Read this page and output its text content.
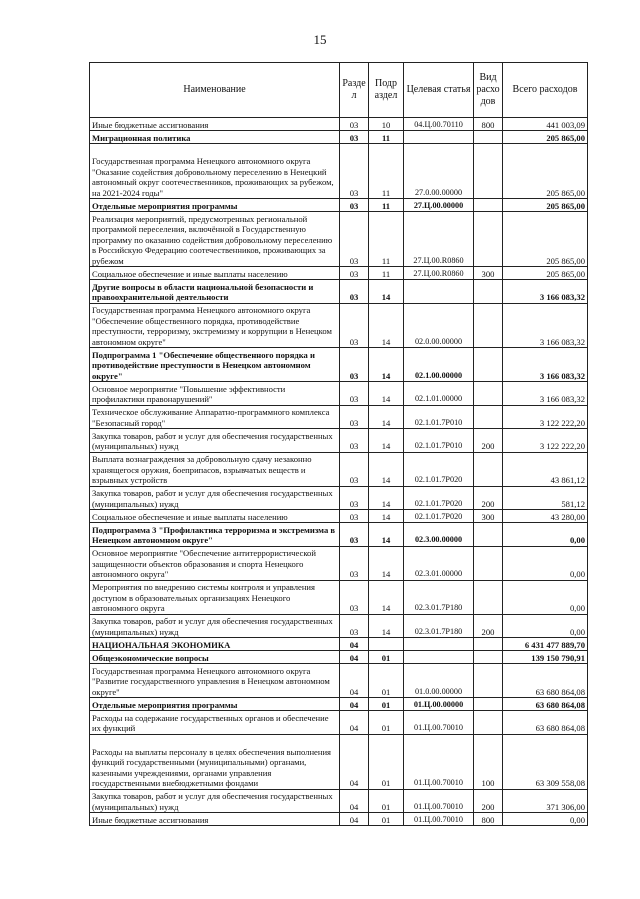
15
Наименование	Разде л	Подр аздел	Целевая статья	Вид расхо дов	Всего расходов
Иные бюджетные ассигнования	03	10	04.Ц.00.70110	800	441 003,09
Миграционная политика	03	11			205 865,00
Государственная программа Ненецкого автономного округа "Оказание содействия добровольному переселению в Ненецкий автономный округ соотечественников, проживающих за рубежом, на 2021-2024 годы"	03	11	27.0.00.00000		205 865,00
Отдельные мероприятия программы	03	11	27.Ц.00.00000		205 865,00
Реализация мероприятий, предусмотренных региональной программой переселения, включённой в Государственную программу по оказанию содействия добровольному переселению в Российскую Федерацию соотечественников, проживающих за рубежом	03	11	27.Ц.00.R0860		205 865,00
Социальное обеспечение и иные выплаты населению	03	11	27.Ц.00.R0860	300	205 865,00
Другие вопросы в области национальной безопасности и правоохранительной деятельности	03	14			3 166 083,32
Государственная программа Ненецкого автономного округа "Обеспечение общественного порядка, противодействие преступности, терроризму, экстремизму и коррупции в Ненецком автономном округе"	03	14	02.0.00.00000		3 166 083,32
Подпрограмма 1 "Обеспечение общественного порядка и противодействие преступности в Ненецком автономном округе"	03	14	02.1.00.00000		3 166 083,32
Основное мероприятие "Повышение эффективности профилактики правонарушений"	03	14	02.1.01.00000		3 166 083,32
Техническое обслуживание Аппаратно-программного комплекса "Безопасный город"	03	14	02.1.01.7Р010		3 122 222,20
Закупка товаров, работ и услуг для обеспечения государственных (муниципальных) нужд	03	14	02.1.01.7Р010	200	3 122 222,20
Выплата вознаграждения за добровольную сдачу незаконно хранящегося оружия, боеприпасов, взрывчатых веществ и взрывных устройств	03	14	02.1.01.7Р020		43 861,12
Закупка товаров, работ и услуг для обеспечения государственных (муниципальных) нужд	03	14	02.1.01.7Р020	200	581,12
Социальное обеспечение и иные выплаты населению	03	14	02.1.01.7Р020	300	43 280,00
Подпрограмма 3 "Профилактика терроризма и экстремизма в Ненецком автономном округе"	03	14	02.3.00.00000		0,00
Основное мероприятие "Обеспечение антитеррористической защищенности объектов образования и спорта Ненецкого автономного округа"	03	14	02.3.01.00000		0,00
Мероприятия по внедрению системы контроля и управления доступом в образовательных организациях Ненецкого автономного округа	03	14	02.3.01.7Р180		0,00
Закупка товаров, работ и услуг для обеспечения государственных (муниципальных) нужд	03	14	02.3.01.7Р180	200	0,00
НАЦИОНАЛЬНАЯ ЭКОНОМИКА	04				6 431 477 889,70
Общеэкономические вопросы	04	01			139 150 790,91
Государственная программа Ненецкого автономного округа "Развитие государственного управления в Ненецком автономном округе"	04	01	01.0.00.00000		63 680 864,08
Отдельные мероприятия программы	04	01	01.Ц.00.00000		63 680 864,08
Расходы на содержание государственных органов и обеспечение их функций	04	01	01.Ц.00.70010		63 680 864,08
Расходы на выплаты персоналу в целях обеспечения выполнения функций государственными (муниципальными) органами, казенными учреждениями, органами управления государственными внебюджетными фондами	04	01	01.Ц.00.70010	100	63 309 558,08
Закупка товаров, работ и услуг для обеспечения государственных (муниципальных) нужд	04	01	01.Ц.00.70010	200	371 306,00
Иные бюджетные ассигнования	04	01	01.Ц.00.70010	800	0,00
